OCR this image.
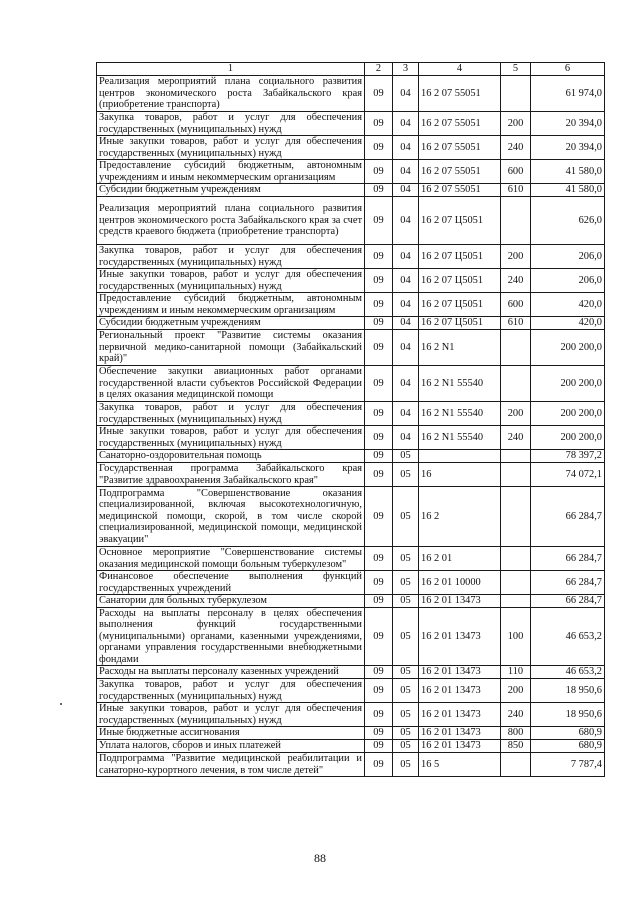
1	2	3	4	5	6
Реализация мероприятий плана социального развития центров экономического роста Забайкальского края (приобретение транспорта)	09	04	16 2 07 55051		61 974,0
Закупка товаров, работ и услуг для обеспечения государственных (муниципальных) нужд	09	04	16 2 07 55051	200	20 394,0
Иные закупки товаров, работ и услуг для обеспечения государственных (муниципальных) нужд	09	04	16 2 07 55051	240	20 394,0
Предоставление субсидий бюджетным, автономным учреждениям и иным некоммерческим организациям	09	04	16 2 07 55051	600	41 580,0
Субсидии бюджетным учреждениям	09	04	16 2 07 55051	610	41 580,0
Реализация мероприятий плана социального развития центров экономического роста Забайкальского края за счет средств краевого бюджета (приобретение транспорта)	09	04	16 2 07 Ц5051		626,0
Закупка товаров, работ и услуг для обеспечения государственных (муниципальных) нужд	09	04	16 2 07 Ц5051	200	206,0
Иные закупки товаров, работ и услуг для обеспечения государственных (муниципальных) нужд	09	04	16 2 07 Ц5051	240	206,0
Предоставление субсидий бюджетным, автономным учреждениям и иным некоммерческим организациям	09	04	16 2 07 Ц5051	600	420,0
Субсидии бюджетным учреждениям	09	04	16 2 07 Ц5051	610	420,0
Региональный проект "Развитие системы оказания первичной медико-санитарной помощи (Забайкальский край)"	09	04	16 2 N1		200 200,0
Обеспечение закупки авиационных работ органами государственной власти субъектов Российской Федерации в целях оказания медицинской помощи	09	04	16 2 N1 55540		200 200,0
Закупка товаров, работ и услуг для обеспечения государственных (муниципальных) нужд	09	04	16 2 N1 55540	200	200 200,0
Иные закупки товаров, работ и услуг для обеспечения государственных (муниципальных) нужд	09	04	16 2 N1 55540	240	200 200,0
Санаторно-оздоровительная помощь	09	05			78 397,2
Государственная программа Забайкальского края "Развитие здравоохранения Забайкальского края"	09	05	16		74 072,1
Подпрограмма "Совершенствование оказания специализированной, включая высокотехнологичную, медицинской помощи, скорой, в том числе скорой специализированной, медицинской помощи, медицинской эвакуации"	09	05	16 2		66 284,7
Основное мероприятие "Совершенствование системы оказания медицинской помощи больным туберкулезом"	09	05	16 2 01		66 284,7
Финансовое обеспечение выполнения функций государственных учреждений	09	05	16 2 01 10000		66 284,7
Санатории для больных туберкулезом	09	05	16 2 01 13473		66 284,7
Расходы на выплаты персоналу в целях обеспечения выполнения функций государственными (муниципальными) органами, казенными учреждениями, органами управления государственными внебюджетными фондами	09	05	16 2 01 13473	100	46 653,2
Расходы на выплаты персоналу казенных учреждений	09	05	16 2 01 13473	110	46 653,2
Закупка товаров, работ и услуг для обеспечения государственных (муниципальных) нужд	09	05	16 2 01 13473	200	18 950,6
Иные закупки товаров, работ и услуг для обеспечения государственных (муниципальных) нужд	09	05	16 2 01 13473	240	18 950,6
Иные бюджетные ассигнования	09	05	16 2 01 13473	800	680,9
Уплата налогов, сборов и иных платежей	09	05	16 2 01 13473	850	680,9
Подпрограмма "Развитие медицинской реабилитации и санаторно-курортного лечения, в том числе детей"	09	05	16 5		7 787,4
88
